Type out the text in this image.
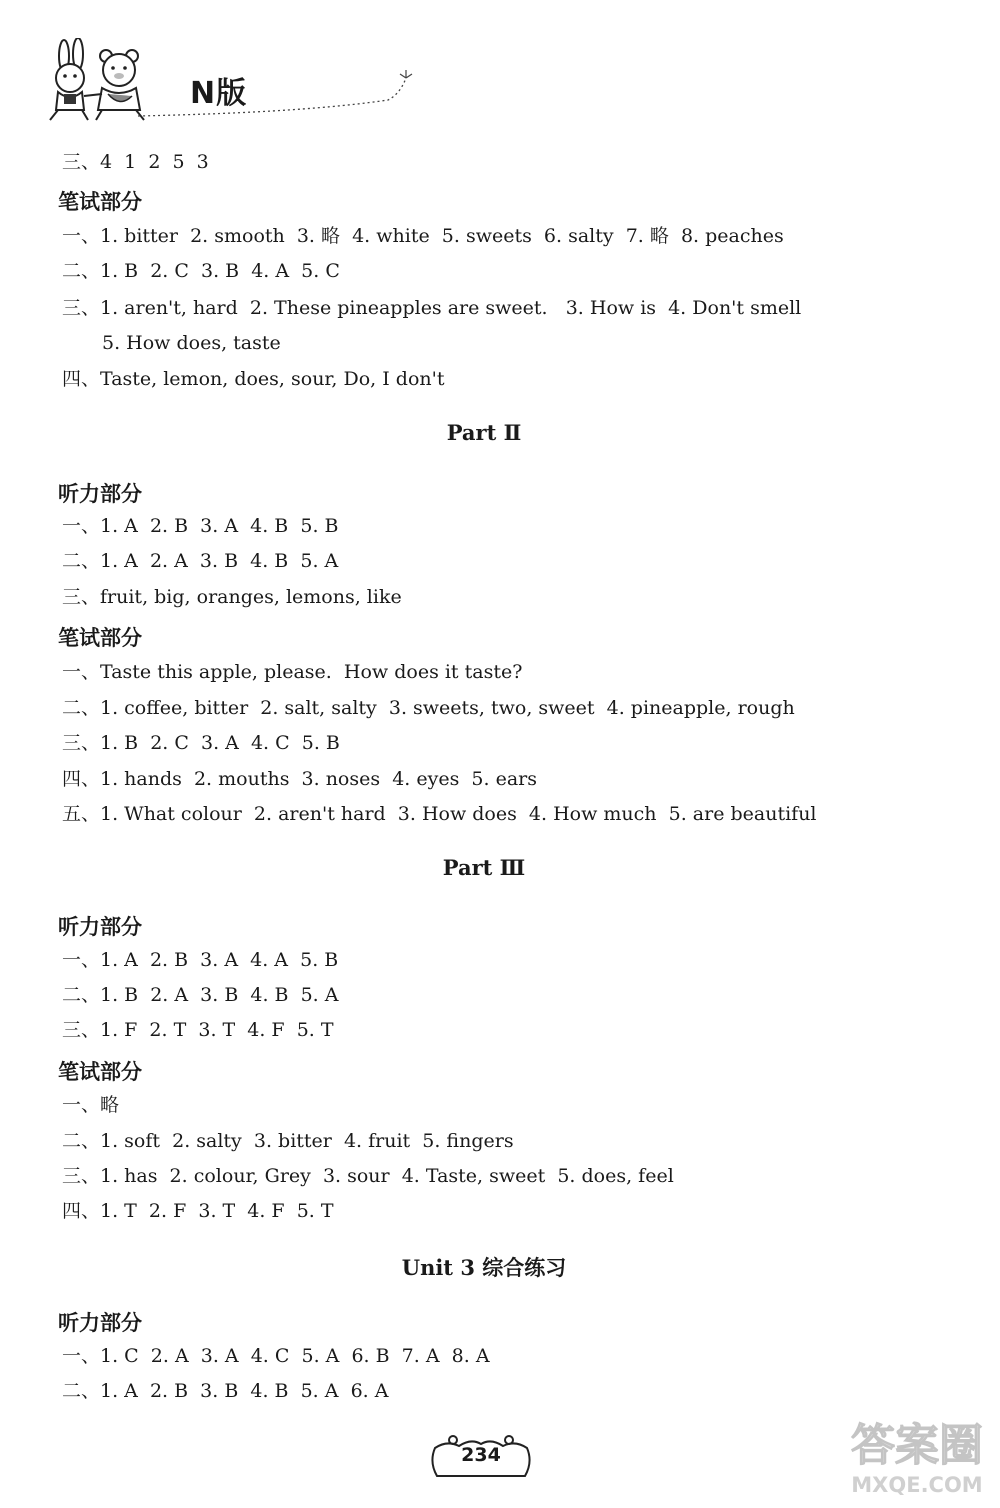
N版
三、4  1  2  5  3
笔试部分
一、1. bitter  2. smooth  3. 略  4. white  5. sweets  6. salty  7. 略  8. peaches
二、1. B  2. C  3. B  4. A  5. C
三、1. aren't, hard  2. These pineapples are sweet.   3. How is  4. Don't smell
5. How does, taste
四、Taste, lemon, does, sour, Do, I don't
Part Ⅱ
听力部分
一、1. A  2. B  3. A  4. B  5. B
二、1. A  2. A  3. B  4. B  5. A
三、fruit, big, oranges, lemons, like
笔试部分
一、Taste this apple, please.  How does it taste?
二、1. coffee, bitter  2. salt, salty  3. sweets, two, sweet  4. pineapple, rough
三、1. B  2. C  3. A  4. C  5. B
四、1. hands  2. mouths  3. noses  4. eyes  5. ears
五、1. What colour  2. aren't hard  3. How does  4. How much  5. are beautiful
Part Ⅲ
听力部分
一、1. A  2. B  3. A  4. A  5. B
二、1. B  2. A  3. B  4. B  5. A
三、1. F  2. T  3. T  4. F  5. T
笔试部分
一、略
二、1. soft  2. salty  3. bitter  4. fruit  5. fingers
三、1. has  2. colour, Grey  3. sour  4. Taste, sweet  5. does, feel
四、1. T  2. F  3. T  4. F  5. T
Unit 3 综合练习
听力部分
一、1. C  2. A  3. A  4. C  5. A  6. B  7. A  8. A
二、1. A  2. B  3. B  4. B  5. A  6. A
234	答案圈
MXQE.COM
